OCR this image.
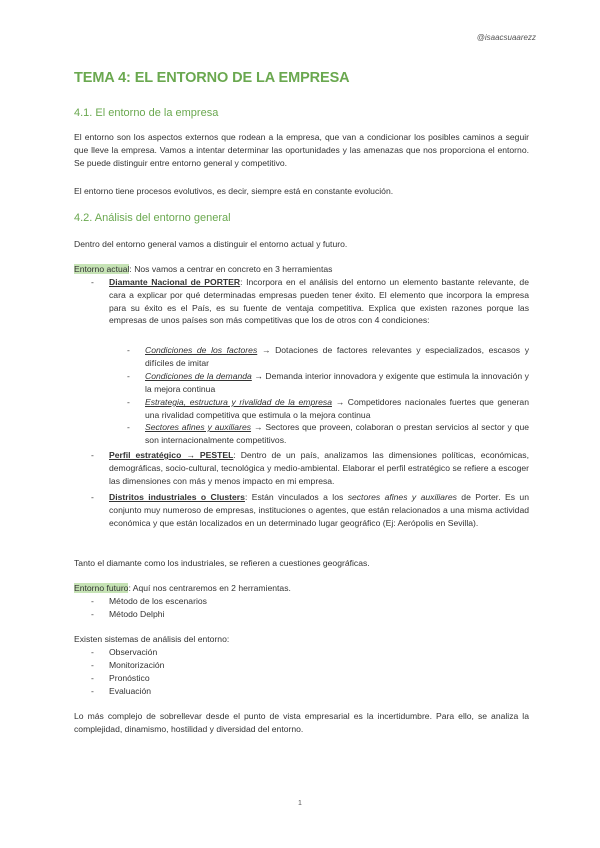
@isaacsuaarezz
TEMA 4: EL ENTORNO DE LA EMPRESA
4.1. El entorno de la empresa

El entorno son los aspectos externos que rodean a la empresa, que van a condicionar los posibles caminos a seguir que lleve la empresa. Vamos a intentar determinar las oportunidades y las amenazas que nos proporciona el entorno. Se puede distinguir entre entorno general y competitivo.

El entorno tiene procesos evolutivos, es decir, siempre está en constante evolución.

4.2. Análisis del entorno general

Dentro del entorno general vamos a distinguir el entorno actual y futuro.

Entorno actual: Nos vamos a centrar en concreto en 3 herramientas

- Diamante Nacional de PORTER: Incorpora en el análisis del entorno un elemento bastante relevante, de cara a explicar por qué determinadas empresas pueden tener éxito. El elemento que incorpora la empresa para su éxito es el País, es su fuente de ventaja competitiva. Explica que existen razones porque las empresas de unos países son más competitivas que los de otros con 4 condiciones:

- Condiciones de los factores → Dotaciones de factores relevantes y especializados, escasos y difíciles de imitar

- Condiciones de la demanda → Demanda interior innovadora y exigente que estimula la innovación y la mejora continua

- Estrategia, estructura y rivalidad de la empresa → Competidores nacionales fuertes que generan una rivalidad competitiva que estimula o la mejora continua

- Sectores afines y auxiliares → Sectores que proveen, colaboran o prestan servicios al sector y que son internacionalmente competitivos.

- Perfil estratégico → PESTEL: Dentro de un país, analizamos las dimensiones políticas, económicas, demográficas, socio-cultural, tecnológica y medio-ambiental. Elaborar el perfil estratégico se refiere a escoger las dimensiones con más y menos impacto en mi empresa.

- Distritos industriales o Clusters: Están vinculados a los sectores afines y auxiliares de Porter. Es un conjunto muy numeroso de empresas, instituciones o agentes, que están relacionados a una misma actividad económica y que están localizados en un determinado lugar geográfico (Ej: Aerópolis en Sevilla).

Tanto el diamante como los industriales, se refieren a cuestiones geográficas.

Entorno futuro: Aquí nos centraremos en 2 herramientas.

- Método de los escenarios
- Método Delphi

Existen sistemas de análisis del entorno:

- Observación
- Monitorización
- Pronóstico
- Evaluación

Lo más complejo de sobrellevar desde el punto de vista empresarial es la incertidumbre. Para ello, se analiza la complejidad, dinamismo, hostilidad y diversidad del entorno.

1
